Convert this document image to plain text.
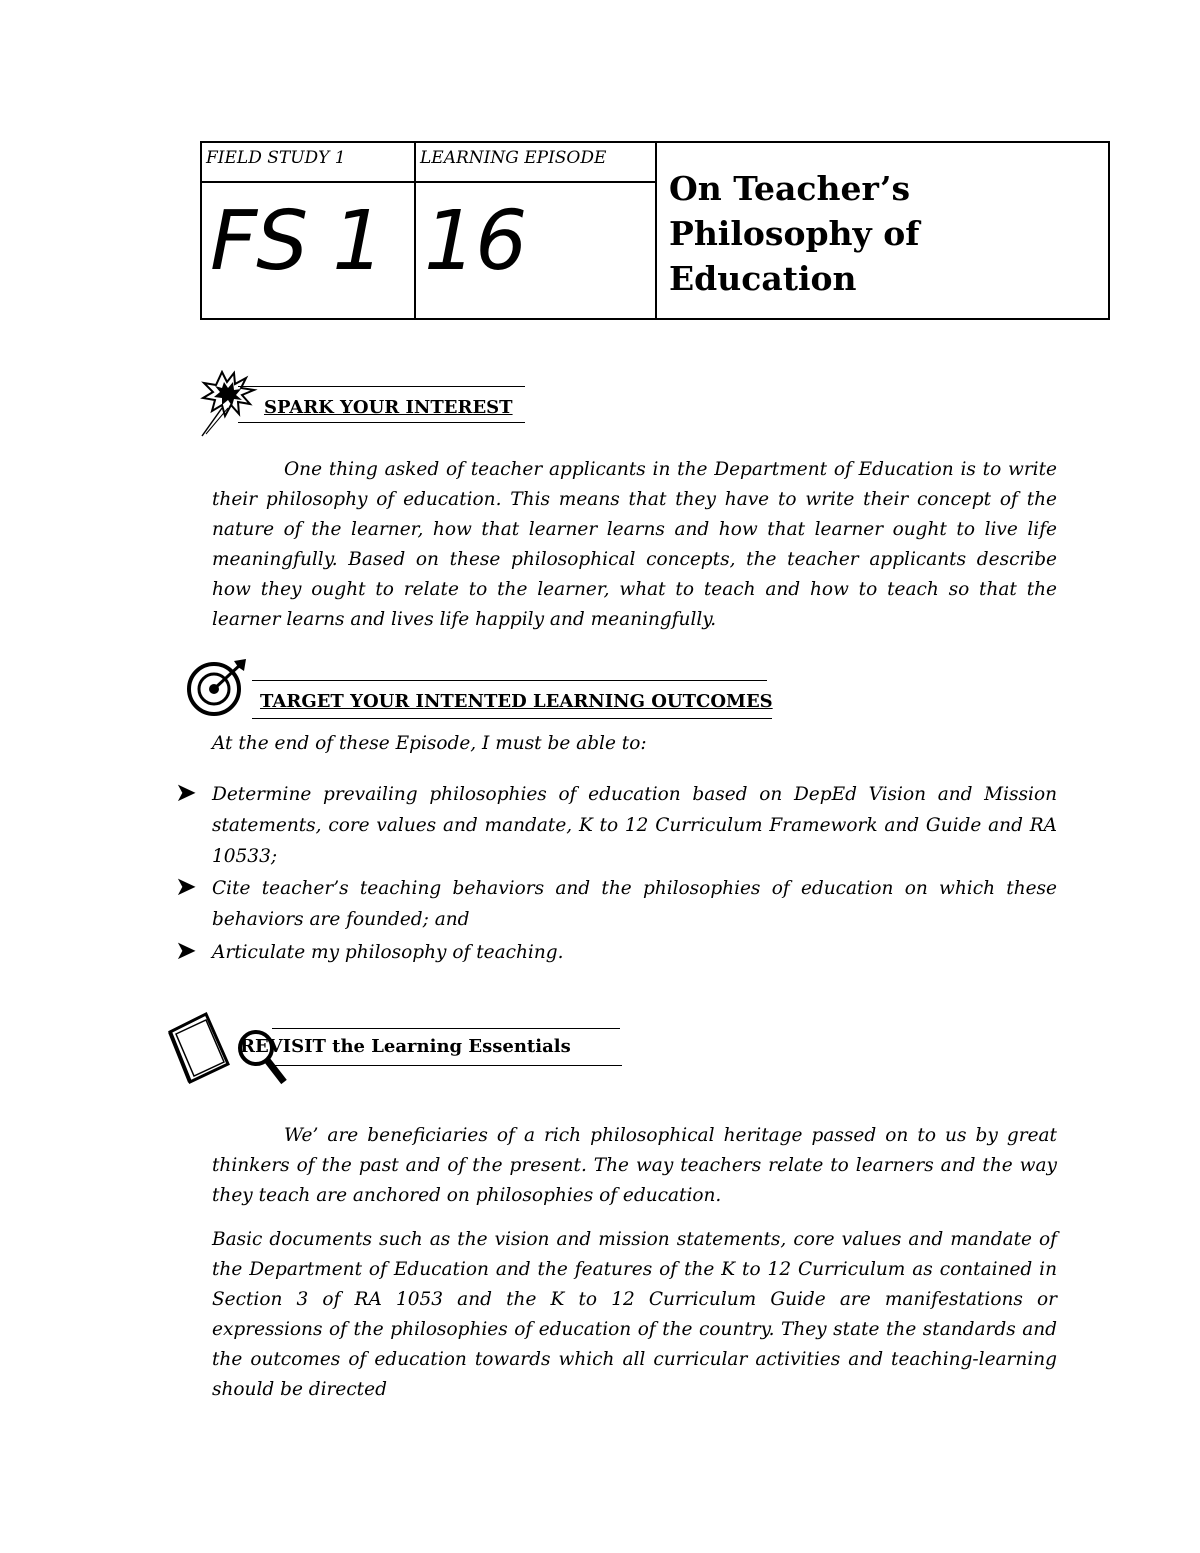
FIELD STUDY 1	LEARNING EPISODE	On Teacher’s
Philosophy of
Education

FS 1	16	
SPARK YOUR INTEREST

One thing asked of teacher applicants in the Department of Education is to write their philosophy of education. This means that they have to write their concept of the nature of the learner, how that learner learns and how that learner ought to live life meaningfully. Based on these philosophical concepts, the teacher applicants describe how they ought to relate to the learner, what to teach and how to teach so that the learner learns and lives life happily and meaningfully.

TARGET YOUR INTENTED LEARNING OUTCOMES
At the end of these Episode, I must be able to:
➤ Determine prevailing philosophies of education based on DepEd Vision and Mission statements, core values and mandate, K to 12 Curriculum Framework and Guide and RA 10533;
➤ Cite teacher’s teaching behaviors and the philosophies of education on which these behaviors are founded; and
➤ Articulate my philosophy of teaching.
REVISIT the Learning Essentials

We’ are beneficiaries of a rich philosophical heritage passed on to us by great thinkers of the past and of the present. The way teachers relate to learners and the way they teach are anchored on philosophies of education.

Basic documents such as the vision and mission statements, core values and mandate of the Department of Education and the features of the K to 12 Curriculum as contained in Section 3 of RA 1053 and the K to 12 Curriculum Guide are manifestations or expressions of the philosophies of education of the country. They state the standards and the outcomes of education towards which all curricular activities and teaching-learning should be directed
